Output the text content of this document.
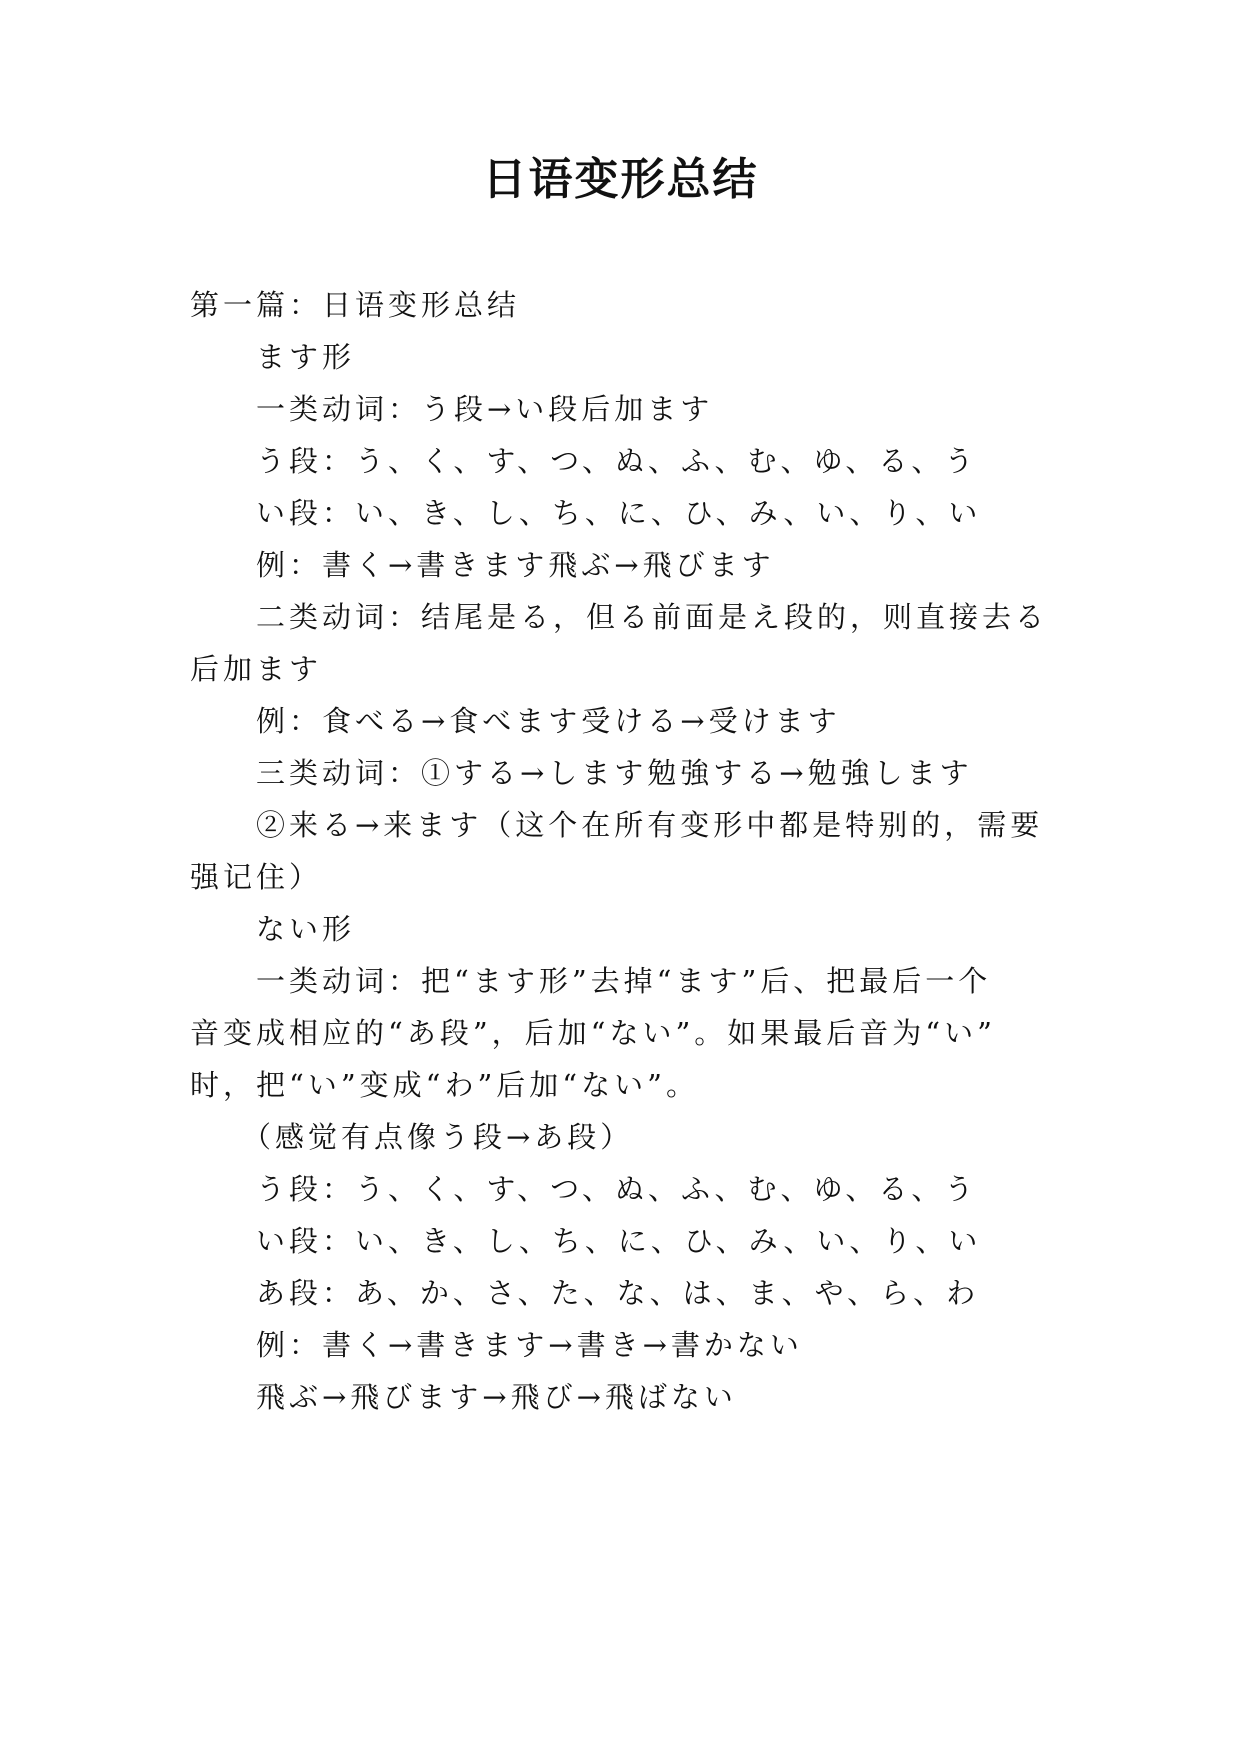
日语变形总结
第一篇：日语变形总结
ます形
一类动词：う段→い段后加ます
う段：う、く、す、つ、ぬ、ふ、む、ゆ、る、う
い段：い、き、し、ち、に、ひ、み、い、り、い
例：書く→書きます飛ぶ→飛びます
二类动词：结尾是る，但る前面是え段的，则直接去る
后加ます
例：食べる→食べます受ける→受けます
三类动词：①する→します勉強する→勉強します
②来る→来ます（这个在所有变形中都是特别的，需要
强记住）
ない形
一类动词：把“ます形”去掉“ます”后、把最后一个
音变成相应的“あ段”，后加“ない”。如果最后音为“い”
时，把“い”变成“わ”后加“ない”。
（感觉有点像う段→あ段）
う段：う、く、す、つ、ぬ、ふ、む、ゆ、る、う
い段：い、き、し、ち、に、ひ、み、い、り、い
あ段：あ、か、さ、た、な、は、ま、や、ら、わ
例：書く→書きます→書き→書かない
飛ぶ→飛びます→飛び→飛ばない
